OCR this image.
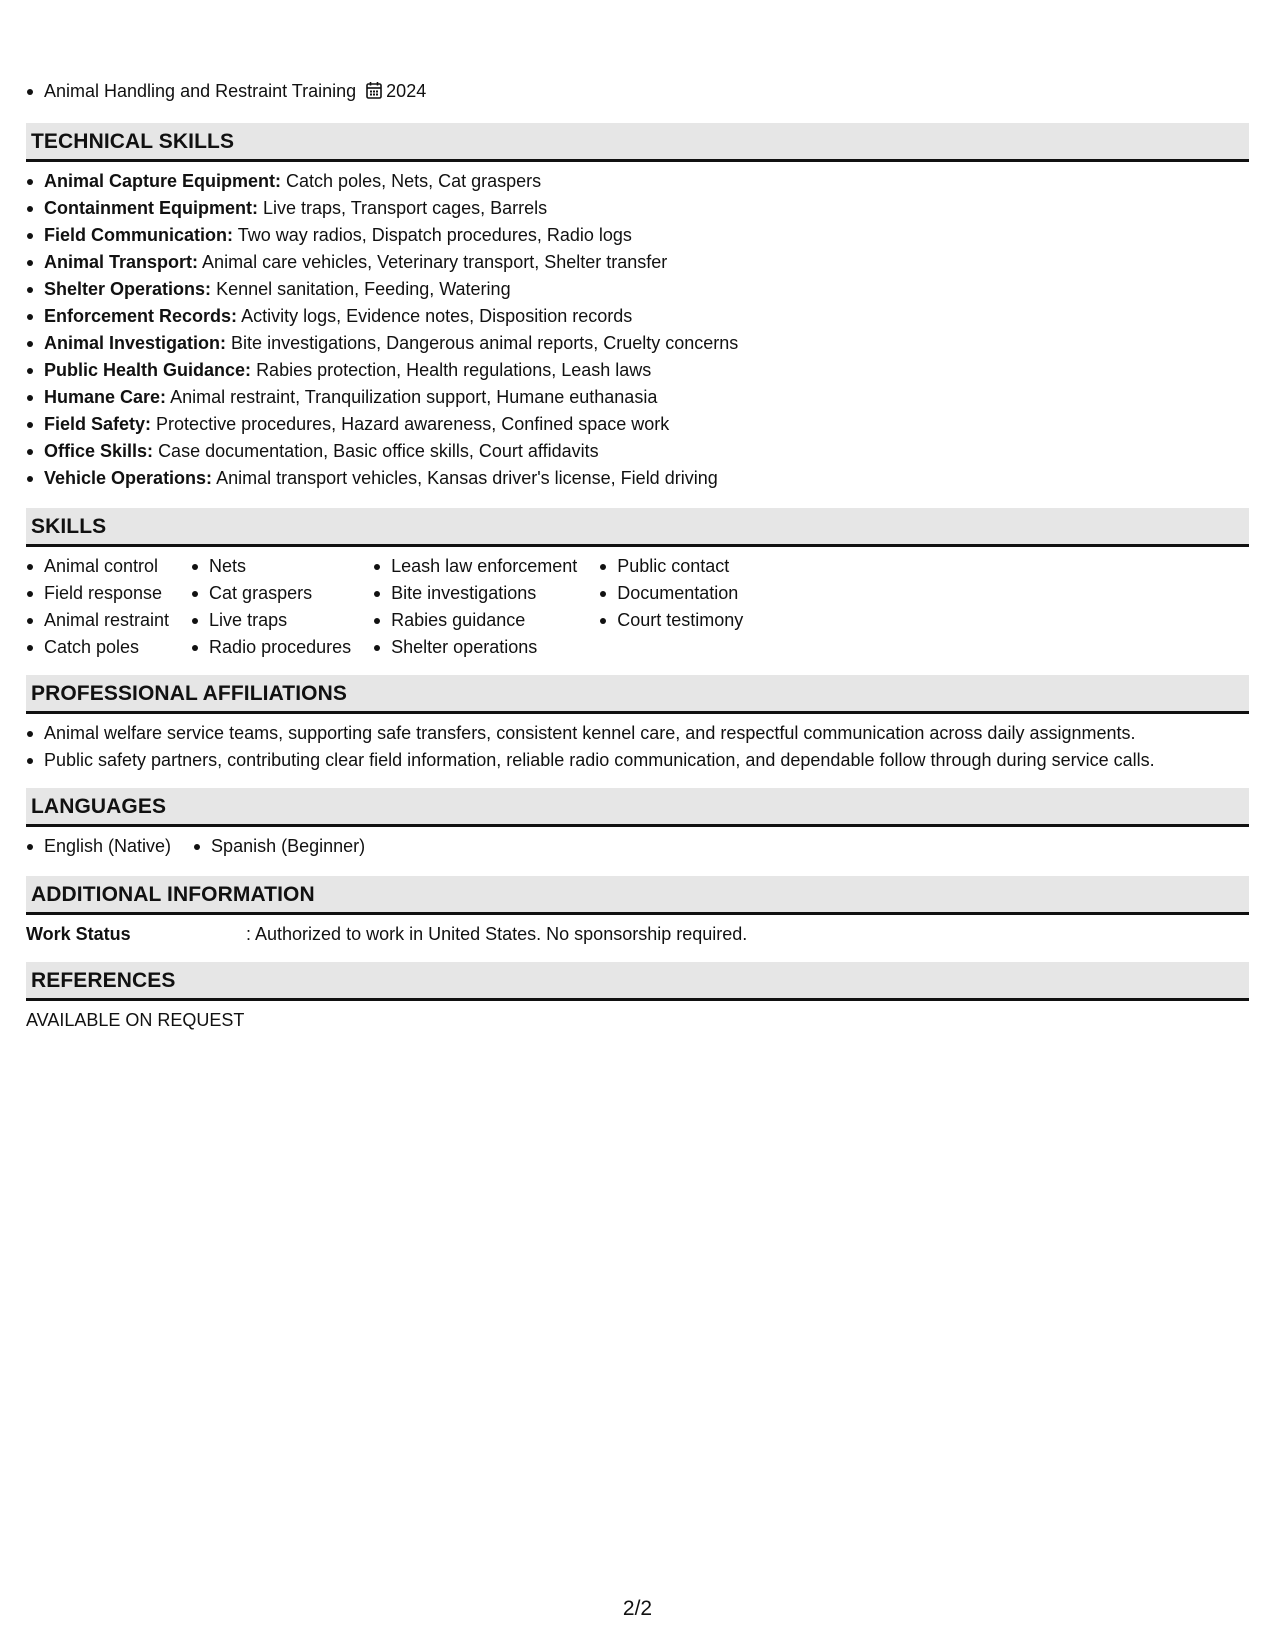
Animal Handling and Restraint Training 2024
TECHNICAL SKILLS
Animal Capture Equipment: Catch poles, Nets, Cat graspers
Containment Equipment: Live traps, Transport cages, Barrels
Field Communication: Two way radios, Dispatch procedures, Radio logs
Animal Transport: Animal care vehicles, Veterinary transport, Shelter transfer
Shelter Operations: Kennel sanitation, Feeding, Watering
Enforcement Records: Activity logs, Evidence notes, Disposition records
Animal Investigation: Bite investigations, Dangerous animal reports, Cruelty concerns
Public Health Guidance: Rabies protection, Health regulations, Leash laws
Humane Care: Animal restraint, Tranquilization support, Humane euthanasia
Field Safety: Protective procedures, Hazard awareness, Confined space work
Office Skills: Case documentation, Basic office skills, Court affidavits
Vehicle Operations: Animal transport vehicles, Kansas driver's license, Field driving
SKILLS
Animal control
Field response
Animal restraint
Catch poles
Nets
Cat graspers
Live traps
Radio procedures
Leash law enforcement
Bite investigations
Rabies guidance
Shelter operations
Public contact
Documentation
Court testimony
PROFESSIONAL AFFILIATIONS
Animal welfare service teams, supporting safe transfers, consistent kennel care, and respectful communication across daily assignments.
Public safety partners, contributing clear field information, reliable radio communication, and dependable follow through during service calls.
LANGUAGES
English (Native)	Spanish (Beginner)
ADDITIONAL INFORMATION
Work Status	: Authorized to work in United States. No sponsorship required.
REFERENCES
AVAILABLE ON REQUEST
2/2
